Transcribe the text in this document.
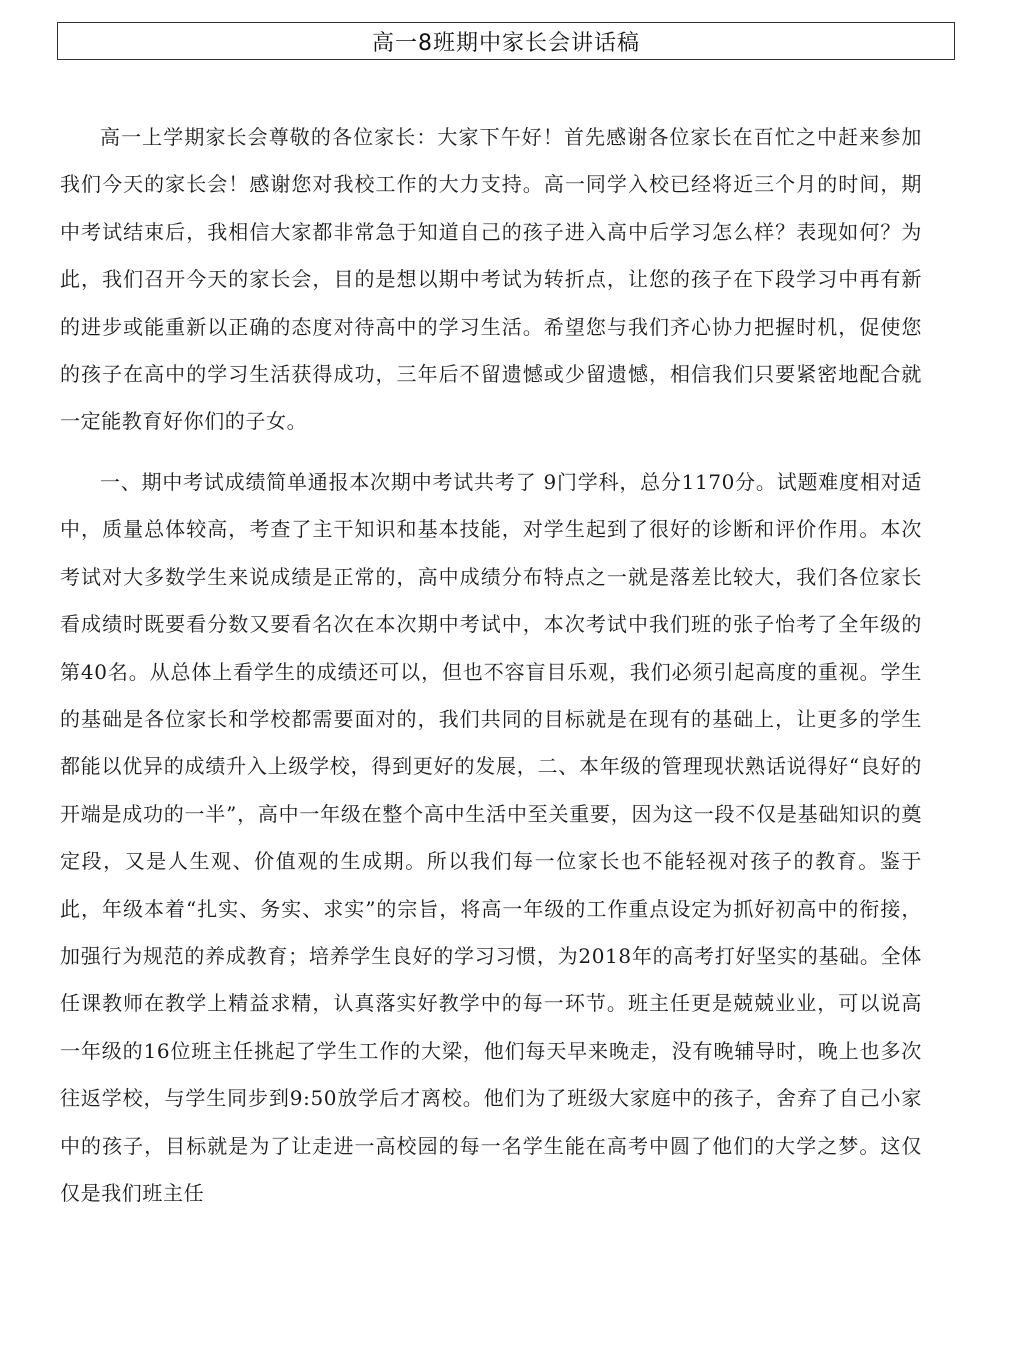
高一8班期中家长会讲话稿

高一上学期家长会尊敬的各位家长：大家下午好！首先感谢各位家长在百忙之中赶来参加我们今天的家长会！感谢您对我校工作的大力支持。高一同学入校已经将近三个月的时间，期中考试结束后，我相信大家都非常急于知道自己的孩子进入高中后学习怎么样？表现如何？为此，我们召开今天的家长会，目的是想以期中考试为转折点，让您的孩子在下段学习中再有新的进步或能重新以正确的态度对待高中的学习生活。希望您与我们齐心协力把握时机，促使您的孩子在高中的学习生活获得成功，三年后不留遗憾或少留遗憾，相信我们只要紧密地配合就一定能教育好你们的子女。

一、期中考试成绩简单通报本次期中考试共考了 9门学科，总分1170分。试题难度相对适中，质量总体较高，考查了主干知识和基本技能，对学生起到了很好的诊断和评价作用。本次考试对大多数学生来说成绩是正常的，高中成绩分布特点之一就是落差比较大，我们各位家长看成绩时既要看分数又要看名次在本次期中考试中，本次考试中我们班的张子怡考了全年级的第40名。从总体上看学生的成绩还可以，但也不容盲目乐观，我们必须引起高度的重视。学生的基础是各位家长和学校都需要面对的，我们共同的目标就是在现有的基础上，让更多的学生都能以优异的成绩升入上级学校，得到更好的发展，二、本年级的管理现状熟话说得好“良好的开端是成功的一半”，高中一年级在整个高中生活中至关重要，因为这一段不仅是基础知识的奠定段，又是人生观、价值观的生成期。所以我们每一位家长也不能轻视对孩子的教育。鉴于此，年级本着“扎实、务实、求实”的宗旨，将高一年级的工作重点设定为抓好初高中的衔接，加强行为规范的养成教育；培养学生良好的学习习惯，为2018年的高考打好坚实的基础。全体任课教师在教学上精益求精，认真落实好教学中的每一环节。班主任更是兢兢业业，可以说高一年级的16位班主任挑起了学生工作的大梁，他们每天早来晚走，没有晚辅导时，晚上也多次往返学校，与学生同步到9:50放学后才离校。他们为了班级大家庭中的孩子，舍弃了自己小家中的孩子，目标就是为了让走进一高校园的每一名学生能在高考中圆了他们的大学之梦。这仅仅是我们班主任
